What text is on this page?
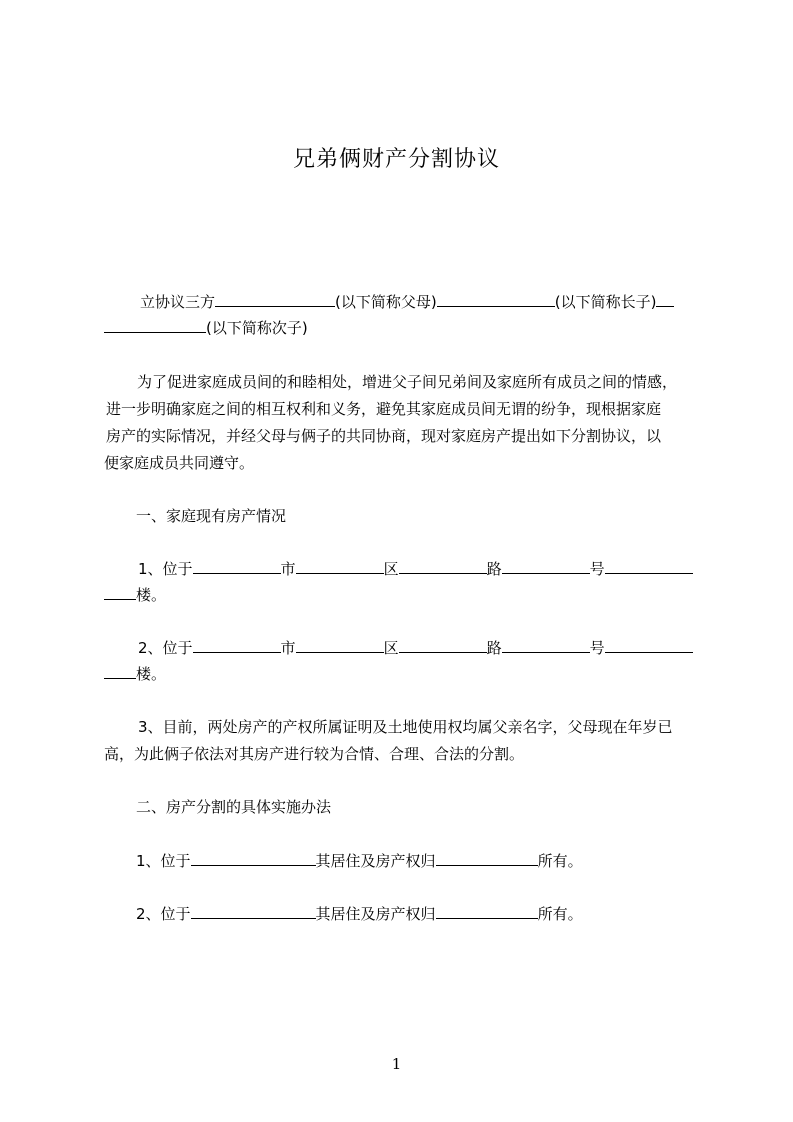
兄弟俩财产分割协议
立协议三方	(以下简称父母)	(以下简称长子)
(以下简称次子)
为了促进家庭成员间的和睦相处，增进父子间兄弟间及家庭所有成员之间的情感，
进一步明确家庭之间的相互权利和义务，避免其家庭成员间无谓的纷争，现根据家庭
房产的实际情况，并经父母与俩子的共同协商，现对家庭房产提出如下分割协议，以
便家庭成员共同遵守。
一、家庭现有房产情况
1、位于	市	区	路	号
楼。
2、位于	市	区	路	号
楼。
3、目前，两处房产的产权所属证明及土地使用权均属父亲名字，父母现在年岁已
高，为此俩子依法对其房产进行较为合情、合理、合法的分割。
二、房产分割的具体实施办法
1、位于	其居住及房产权归	所有。
2、位于	其居住及房产权归	所有。
1
